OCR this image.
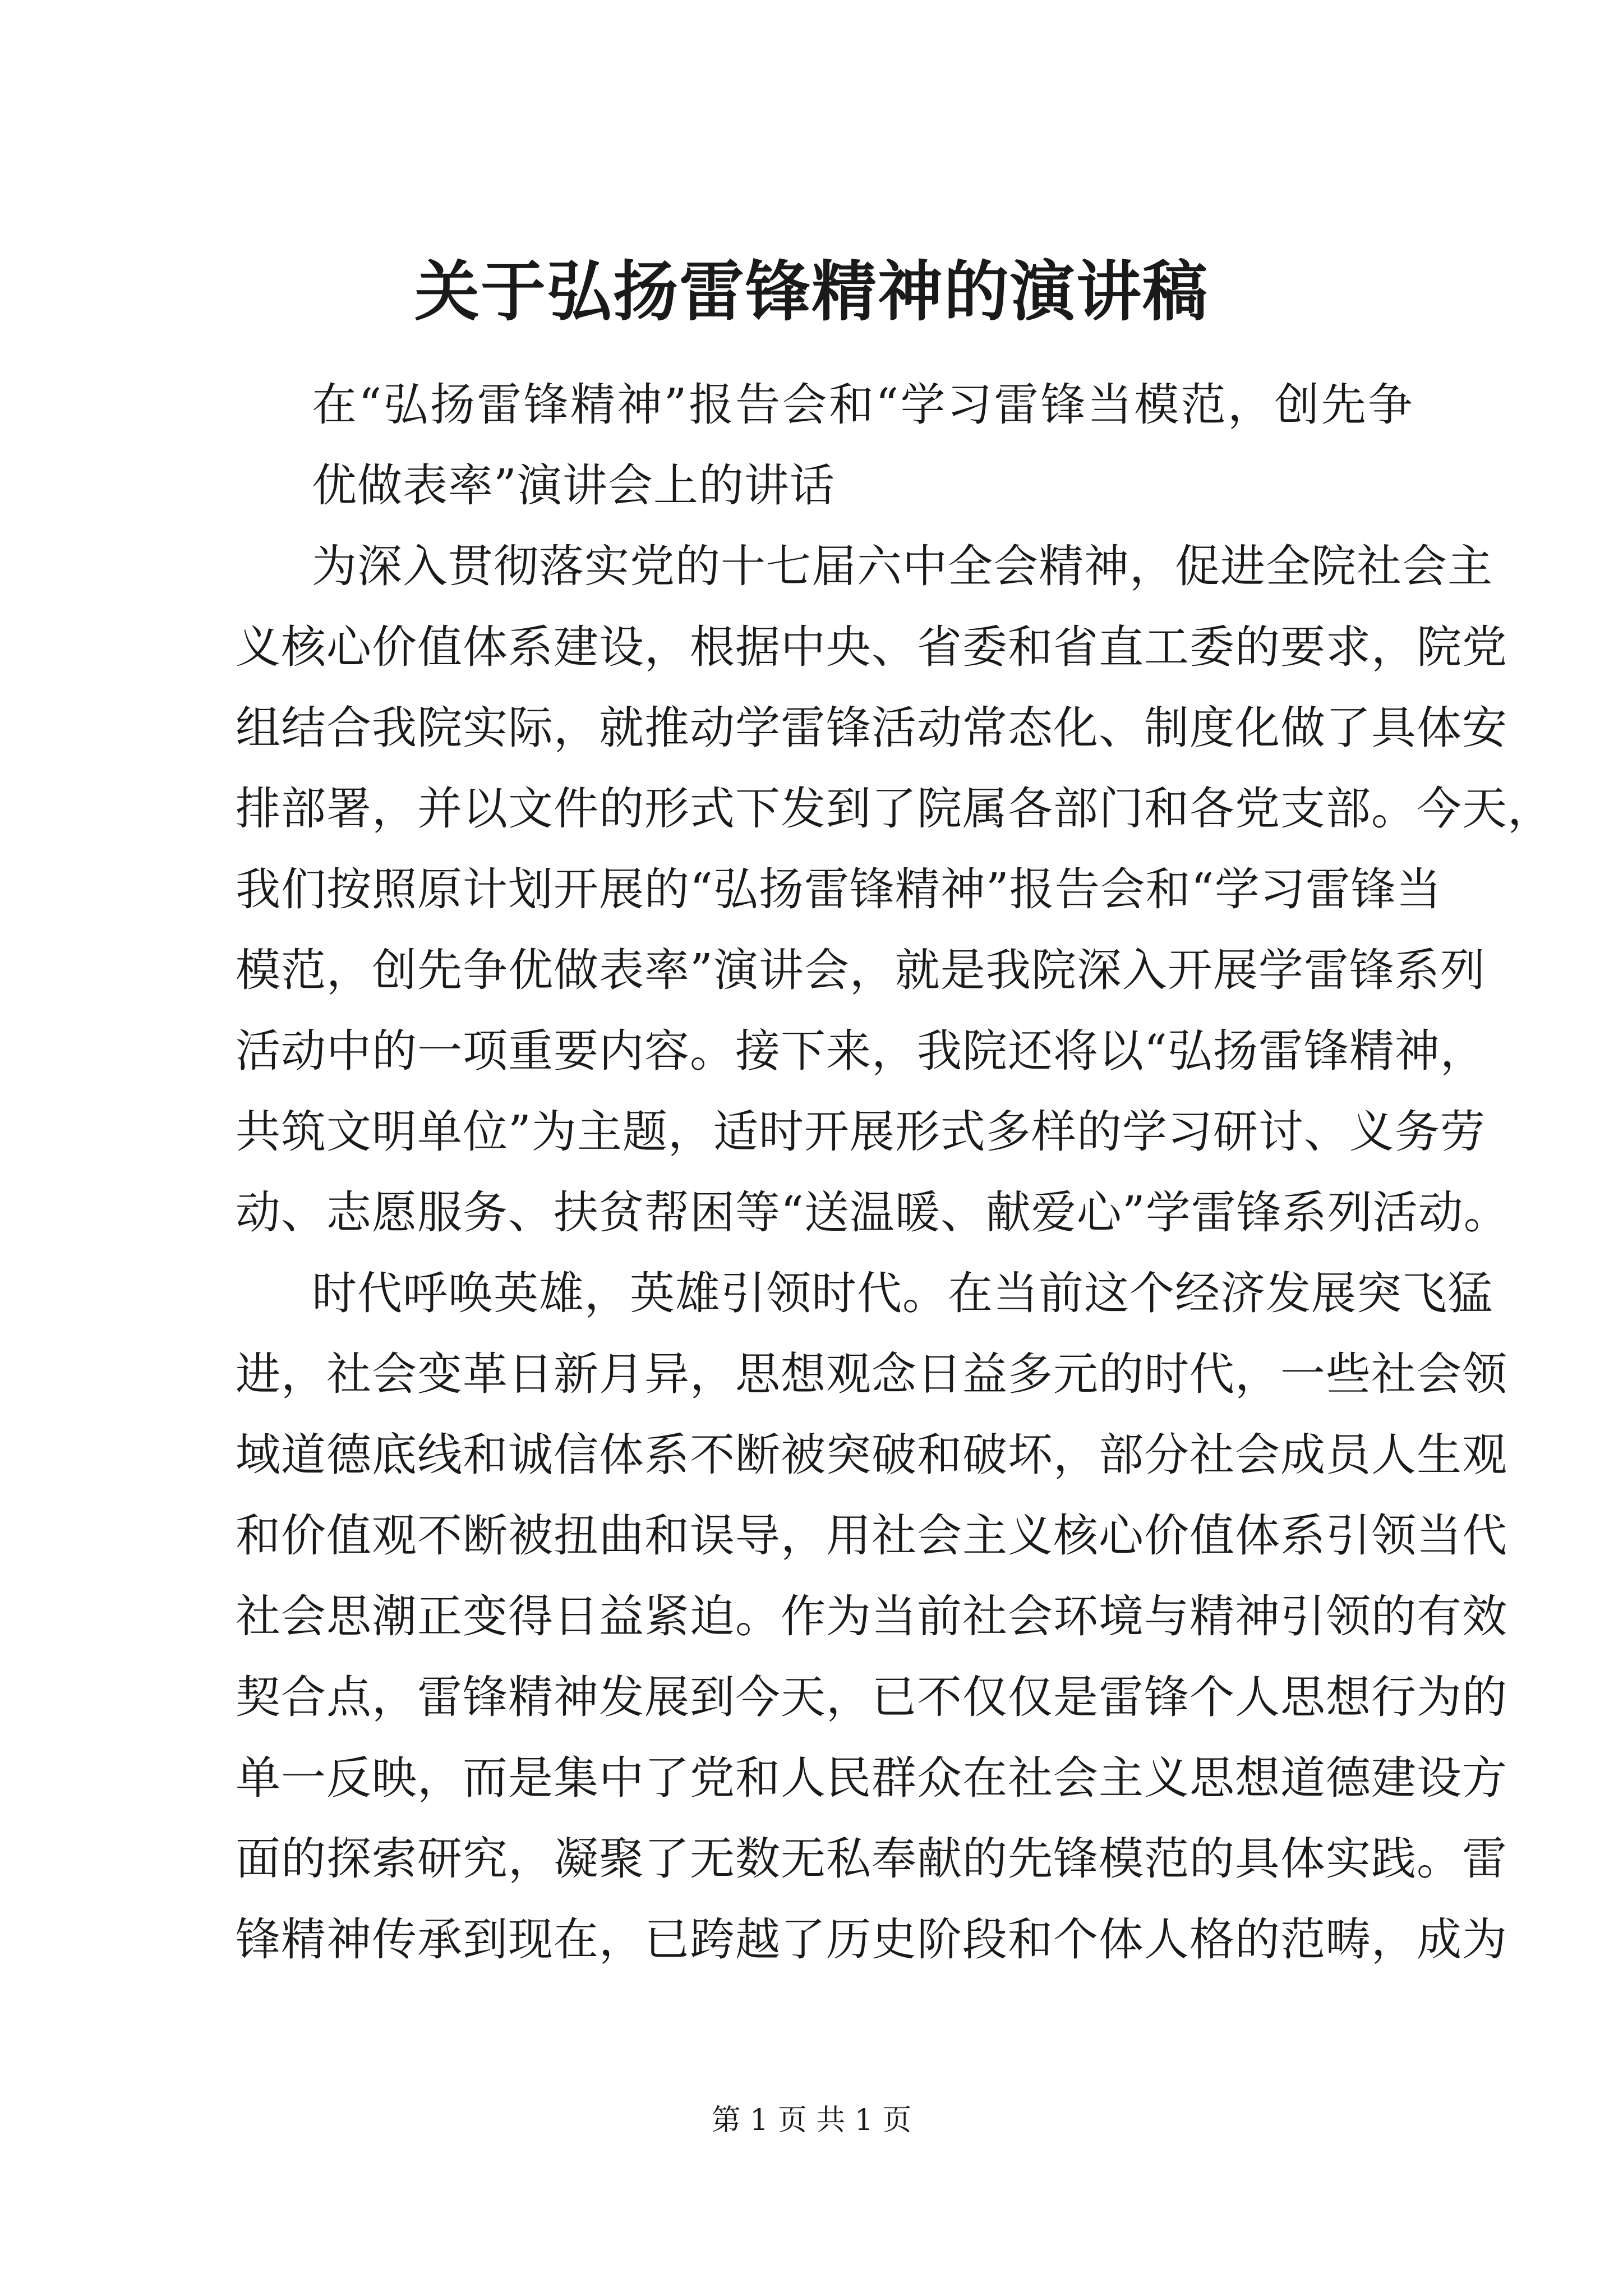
关于弘扬雷锋精神的演讲稿
在“弘扬雷锋精神”报告会和“学习雷锋当模范，创先争
优做表率”演讲会上的讲话
为深入贯彻落实党的十七届六中全会精神，促进全院社会主
义核心价值体系建设，根据中央、省委和省直工委的要求，院党
组结合我院实际，就推动学雷锋活动常态化、制度化做了具体安
排部署，并以文件的形式下发到了院属各部门和各党支部。今天，
我们按照原计划开展的“弘扬雷锋精神”报告会和“学习雷锋当
模范，创先争优做表率”演讲会，就是我院深入开展学雷锋系列
活动中的一项重要内容。接下来，我院还将以“弘扬雷锋精神，
共筑文明单位”为主题，适时开展形式多样的学习研讨、义务劳
动、志愿服务、扶贫帮困等“送温暖、献爱心”学雷锋系列活动。
时代呼唤英雄，英雄引领时代。在当前这个经济发展突飞猛
进，社会变革日新月异，思想观念日益多元的时代，一些社会领
域道德底线和诚信体系不断被突破和破坏，部分社会成员人生观
和价值观不断被扭曲和误导，用社会主义核心价值体系引领当代
社会思潮正变得日益紧迫。作为当前社会环境与精神引领的有效
契合点，雷锋精神发展到今天，已不仅仅是雷锋个人思想行为的
单一反映，而是集中了党和人民群众在社会主义思想道德建设方
面的探索研究，凝聚了无数无私奉献的先锋模范的具体实践。雷
锋精神传承到现在，已跨越了历史阶段和个体人格的范畴，成为
第 1 页 共 1 页
